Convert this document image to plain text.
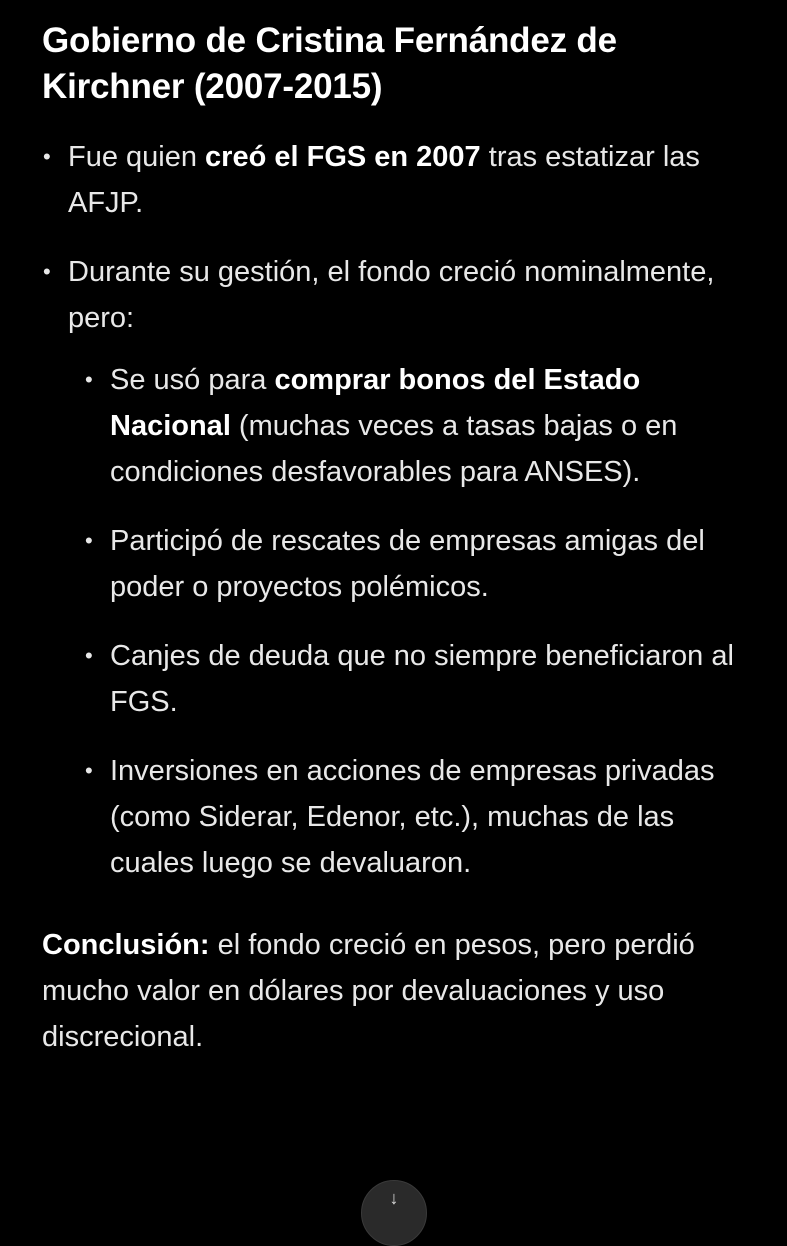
Gobierno de Cristina Fernández de Kirchner (2007-2015)
• Fue quien creó el FGS en 2007 tras estatizar las AFJP.
• Durante su gestión, el fondo creció nominalmente, pero:
• Se usó para comprar bonos del Estado Nacional (muchas veces a tasas bajas o en condiciones desfavorables para ANSES).
• Participó de rescates de empresas amigas del poder o proyectos polémicos.
• Canjes de deuda que no siempre beneficiaron al FGS.
• Inversiones en acciones de empresas privadas (como Siderar, Edenor, etc.), muchas de las cuales luego se devaluaron.

Conclusión: el fondo creció en pesos, pero perdió mucho valor en dólares por devaluaciones y uso discrecional.

↓
